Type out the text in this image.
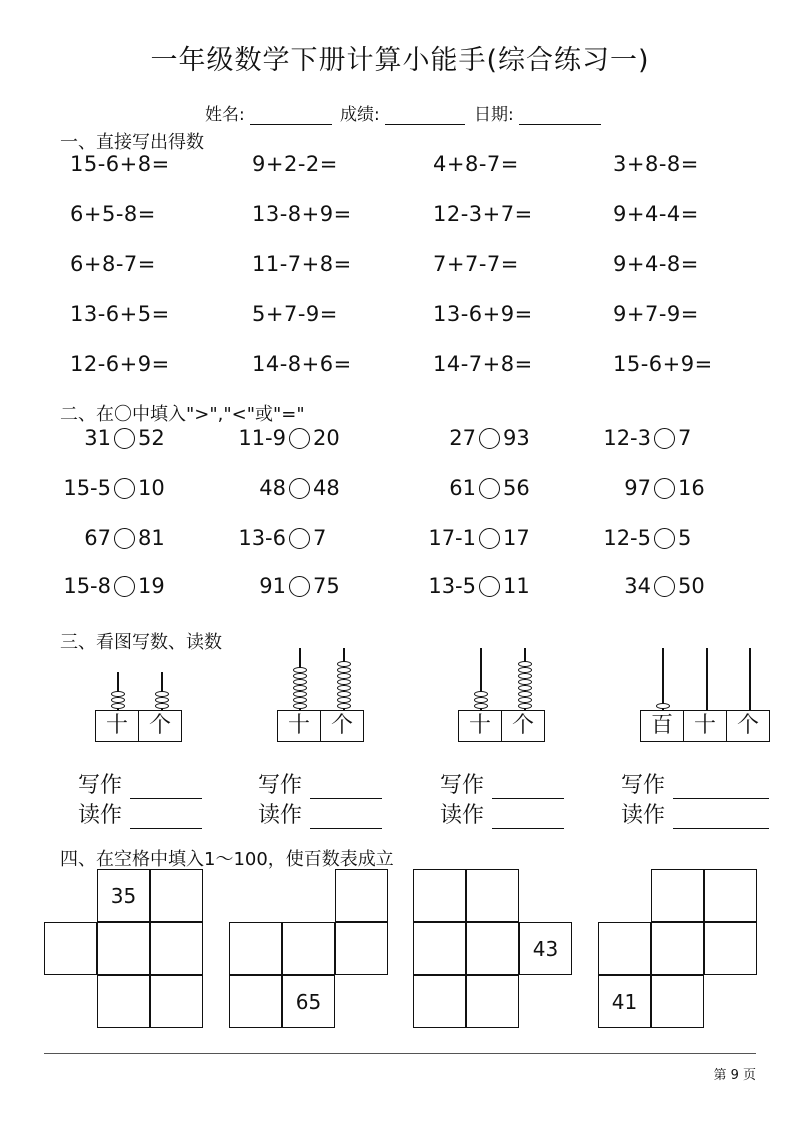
一年级数学下册计算小能手(综合练习一)
姓名:	成绩:	日期:
一、直接写出得数
15-6+8=	9+2-2=	4+8-7=	3+8-8=
6+5-8=	13-8+9=	12-3+7=	9+4-4=
6+8-7=	11-7+8=	7+7-7=	9+4-8=
13-6+5=	5+7-9=	13-6+9=	9+7-9=
12-6+9=	14-8+6=	14-7+8=	15-6+9=
二、在〇中填入">","<"或"="
31 52	11-9 20	27 93	12-3 7
15-5 10	48 48	61 56	97 16
67 81	13-6 7	17-1 17	12-5 5
15-8 19	91 75	13-5 11	34 50
三、看图写数、读数
十 个
写作
读作
十 个
写作
读作
十 个
写作
读作
百 十 个
写作
读作
四、在空格中填入1～100，使百数表成立
35
65
43
41
第 9 页
